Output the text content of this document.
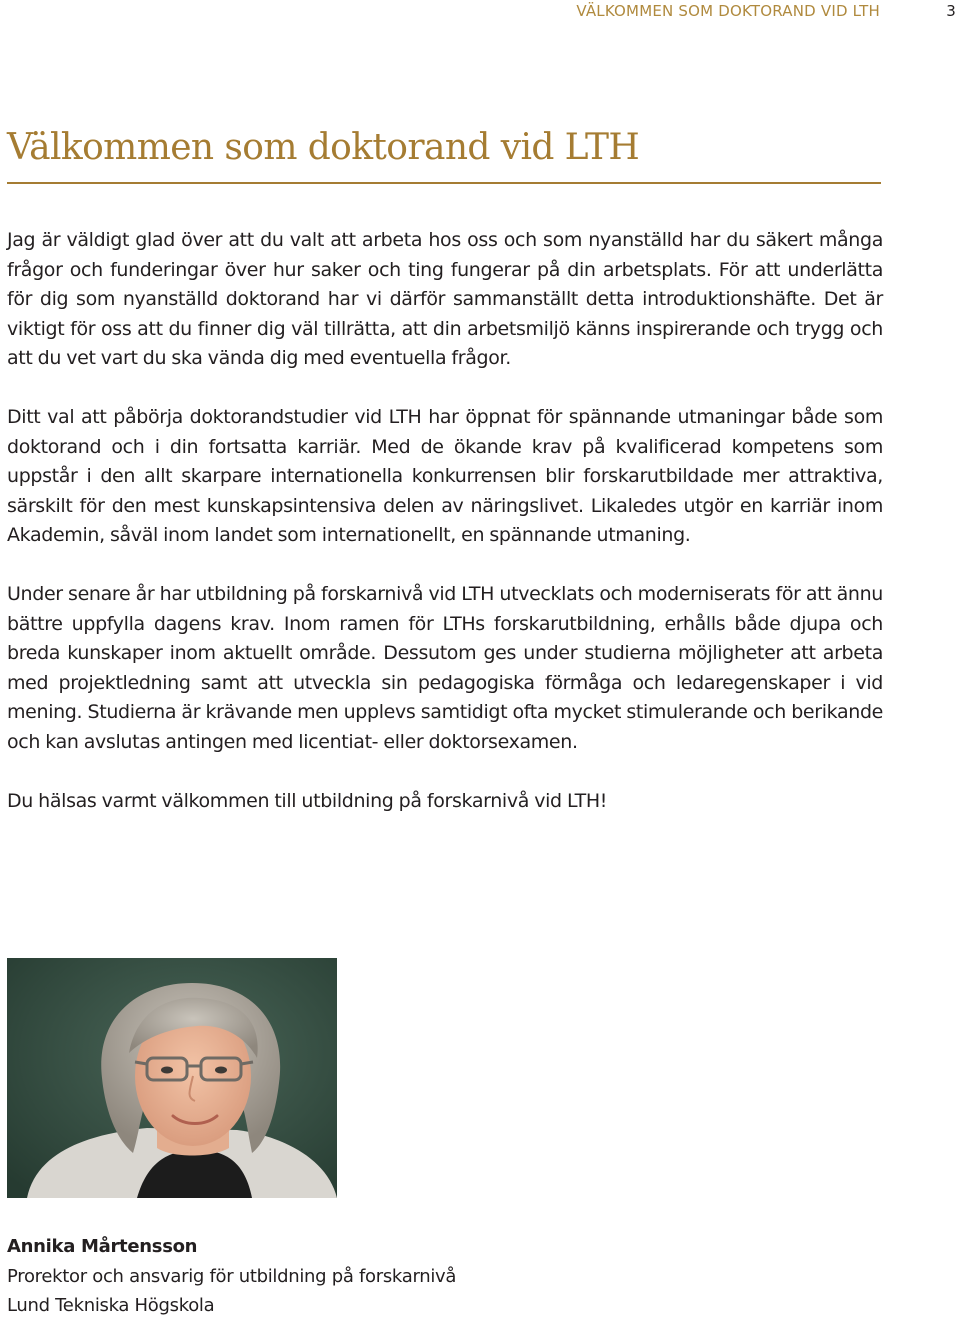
VÄLKOMMEN SOM DOKTORAND VID LTH	3
Välkommen som doktorand vid LTH

Jag är väldigt glad över att du valt att arbeta hos oss och som nyanställd har du säkert många frågor och funderingar över hur saker och ting fungerar på din arbetsplats. För att underlätta för dig som nyanställd doktorand har vi därför sammanställt detta introduktionshäfte. Det är viktigt för oss att du finner dig väl tillrätta, att din arbetsmiljö känns inspirerande och trygg och att du vet vart du ska vända dig med eventuella frågor.

Ditt val att påbörja doktorandstudier vid LTH har öppnat för spännande utmaningar både som doktorand och i din fortsatta karriär. Med de ökande krav på kvalificerad kompetens som uppstår i den allt skarpare internationella konkurrensen blir forskarutbildade mer attraktiva, särskilt för den mest kunskapsintensiva delen av näringslivet. Likaledes utgör en karriär inom Akademin, såväl inom landet som internationellt, en spännande utmaning.

Under senare år har utbildning på forskarnivå vid LTH utvecklats och moderniserats för att ännu bättre uppfylla dagens krav. Inom ramen för LTHs forskarutbildning, erhålls både djupa och breda kunskaper inom aktuellt område. Dessutom ges under studierna möjligheter att arbeta med projektledning samt att utveckla sin pedagogiska förmåga och ledaregenskaper i vid mening. Studierna är krävande men upplevs samtidigt ofta mycket stimulerande och berikande och kan avslutas antingen med licentiat- eller doktorsexamen.

Du hälsas varmt välkommen till utbildning på forskarnivå vid LTH!

Annika Mårtensson
Prorektor och ansvarig för utbildning på forskarnivå
Lund Tekniska Högskola
